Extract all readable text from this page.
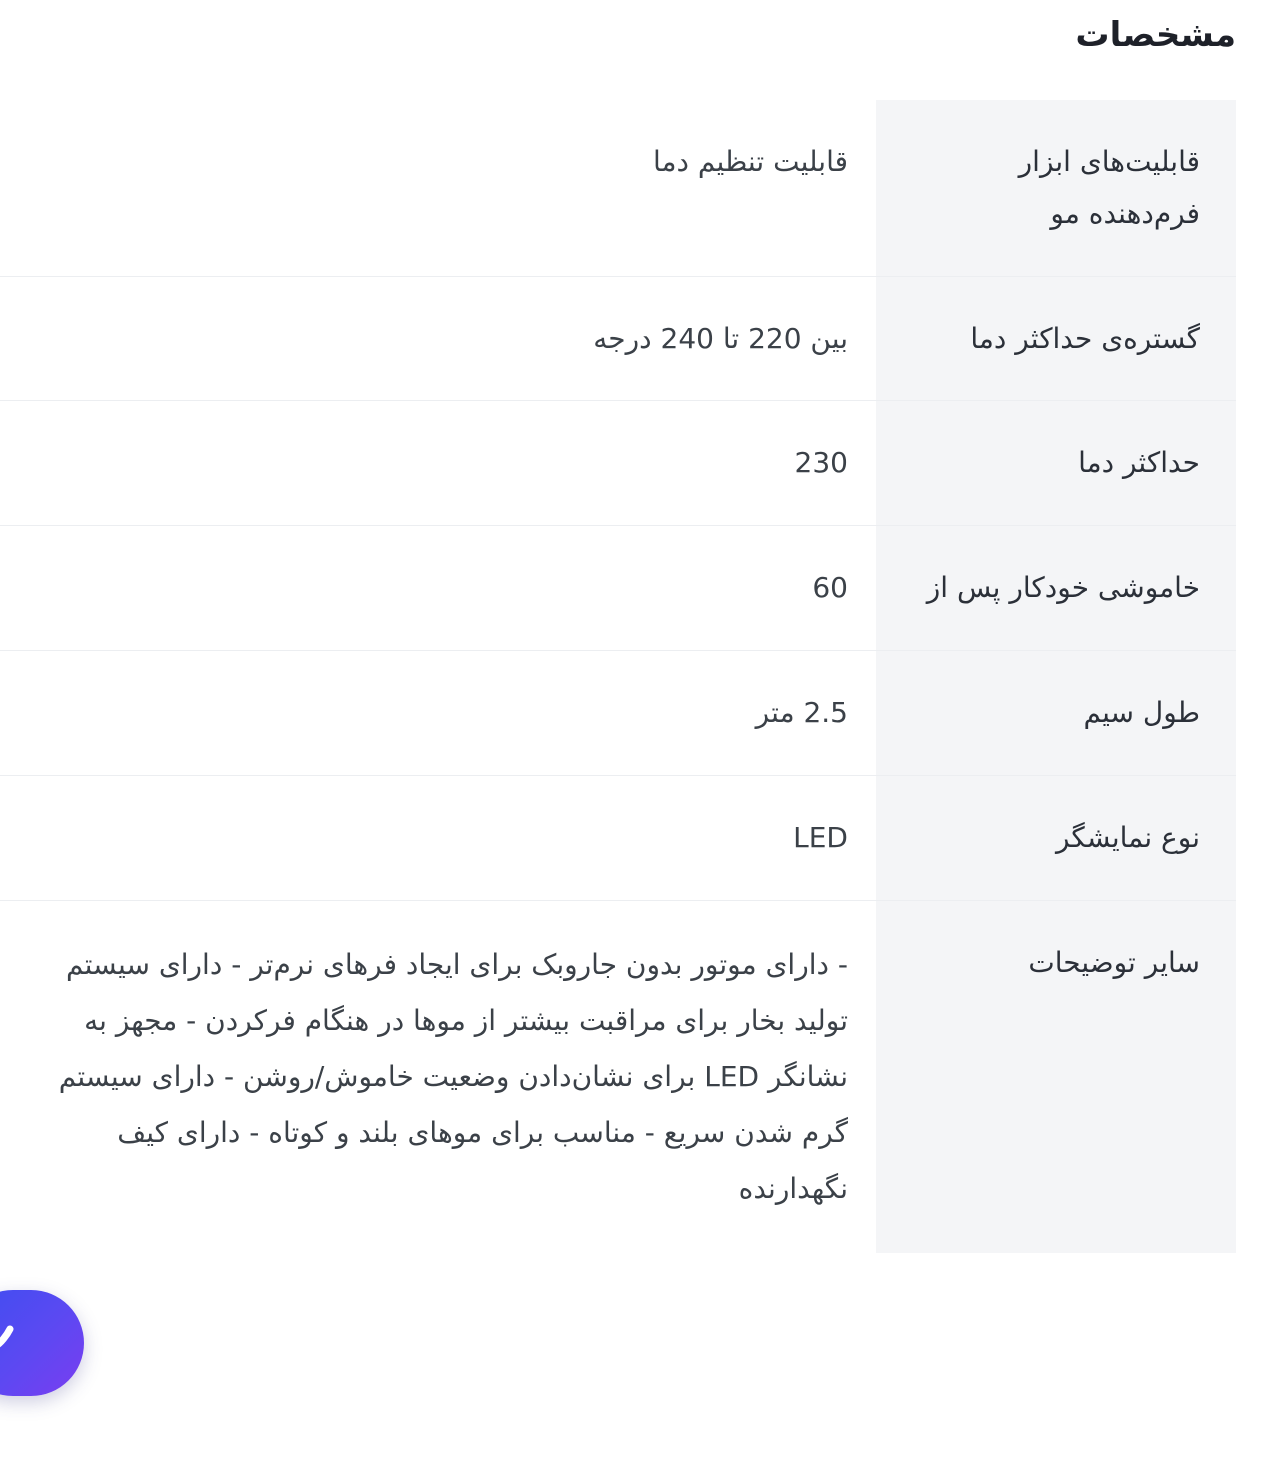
مشخصات
قابلیت‌های ابزار فرم‌دهنده مو	قابلیت تنظیم دما
گستره‌ی حداکثر دما	بین 220 تا 240 درجه
حداکثر دما	230
خاموشی خودکار پس از	60
طول سیم	2.5 متر
نوع نمایشگر	LED
سایر توضیحات	- دارای موتور بدون جاروبک برای ایجاد فرهای نرم‌تر - دارای سیستم تولید بخار برای مراقبت بیشتر از موها در هنگام فرکردن - مجهز به نشانگر LED برای نشان‌دادن وضعیت خاموش/روشن - دارای سیستم گرم شدن سریع - مناسب برای موهای بلند و کوتاه - دارای کیف نگهدارنده
